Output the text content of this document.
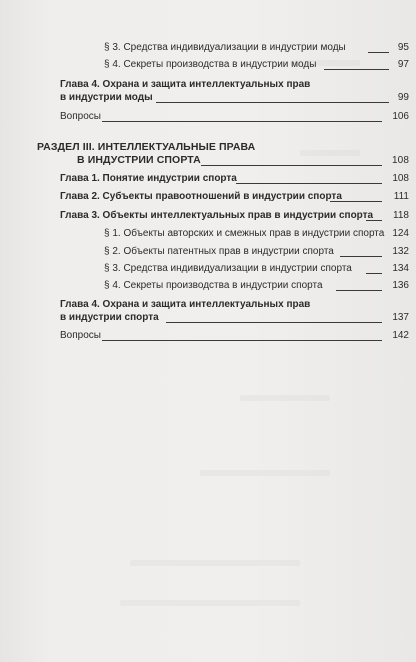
§ 3. Средства индивидуализации в индустрии моды	95
§ 4. Секреты производства в индустрии моды	97
Глава 4. Охрана и защита интеллектуальных прав
в индустрии моды	99
Вопросы	106
РАЗДЕЛ III. ИНТЕЛЛЕКТУАЛЬНЫЕ ПРАВА
В ИНДУСТРИИ СПОРТА	108
Глава 1. Понятие индустрии спорта	108
Глава 2. Субъекты правоотношений в индустрии спорта	111
Глава 3. Объекты интеллектуальных прав в индустрии спорта 118
§ 1. Объекты авторских и смежных прав в индустрии спорта 124
§ 2. Объекты патентных прав в индустрии спорта	132
§ 3. Средства индивидуализации в индустрии спорта	134
§ 4. Секреты производства в индустрии спорта	136
Глава 4. Охрана и защита интеллектуальных прав
в индустрии спорта	137
Вопросы	142
